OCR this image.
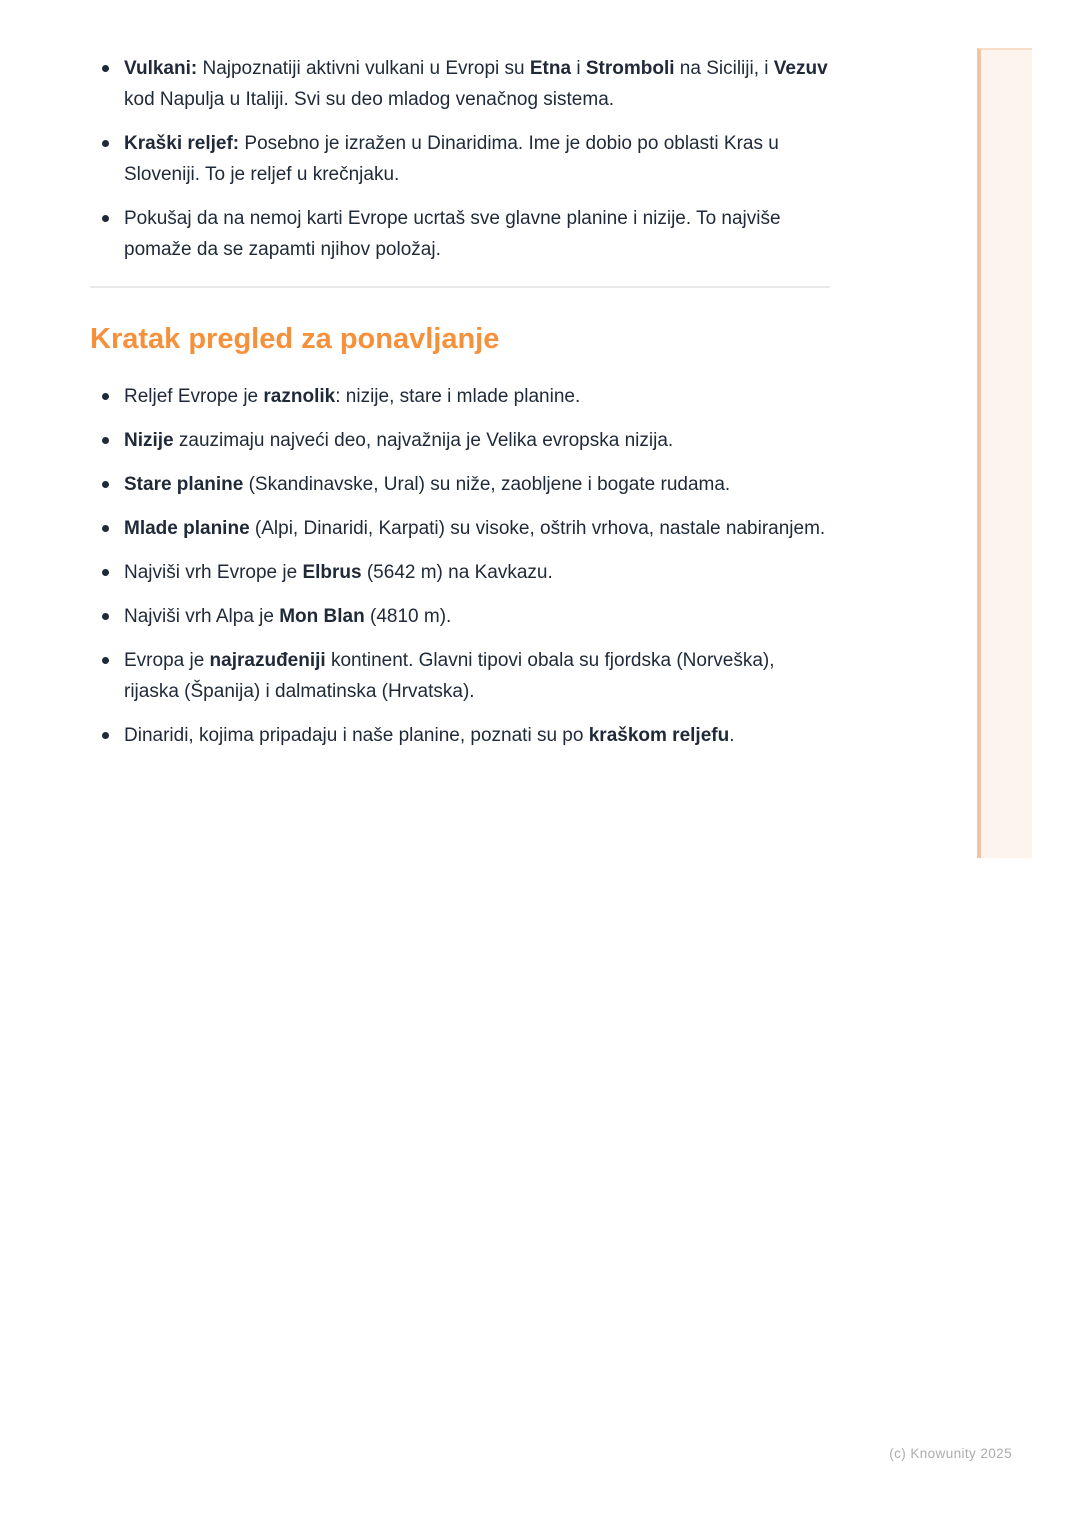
Vulkani: Najpoznatiji aktivni vulkani u Evropi su Etna i Stromboli na Siciliji, i Vezuv kod Napulja u Italiji. Svi su deo mladog venačnog sistema.
Kraški reljef: Posebno je izražen u Dinaridima. Ime je dobio po oblasti Kras u Sloveniji. To je reljef u krečnjaku.
Pokušaj da na nemoj karti Evrope ucrtaš sve glavne planine i nizije. To najviše pomaže da se zapamti njihov položaj.
Kratak pregled za ponavljanje
Reljef Evrope je raznolik: nizije, stare i mlade planine.
Nizije zauzimaju najveći deo, najvažnija je Velika evropska nizija.
Stare planine (Skandinavske, Ural) su niže, zaobljene i bogate rudama.
Mlade planine (Alpi, Dinaridi, Karpati) su visoke, oštrih vrhova, nastale nabiranjem.
Najviši vrh Evrope je Elbrus (5642 m) na Kavkazu.
Najviši vrh Alpa je Mon Blan (4810 m).
Evropa je najrazuđeniji kontinent. Glavni tipovi obala su fjordska (Norveška), rijaska (Španija) i dalmatinska (Hrvatska).
Dinaridi, kojima pripadaju i naše planine, poznati su po kraškom reljefu.
(c) Knowunity 2025
